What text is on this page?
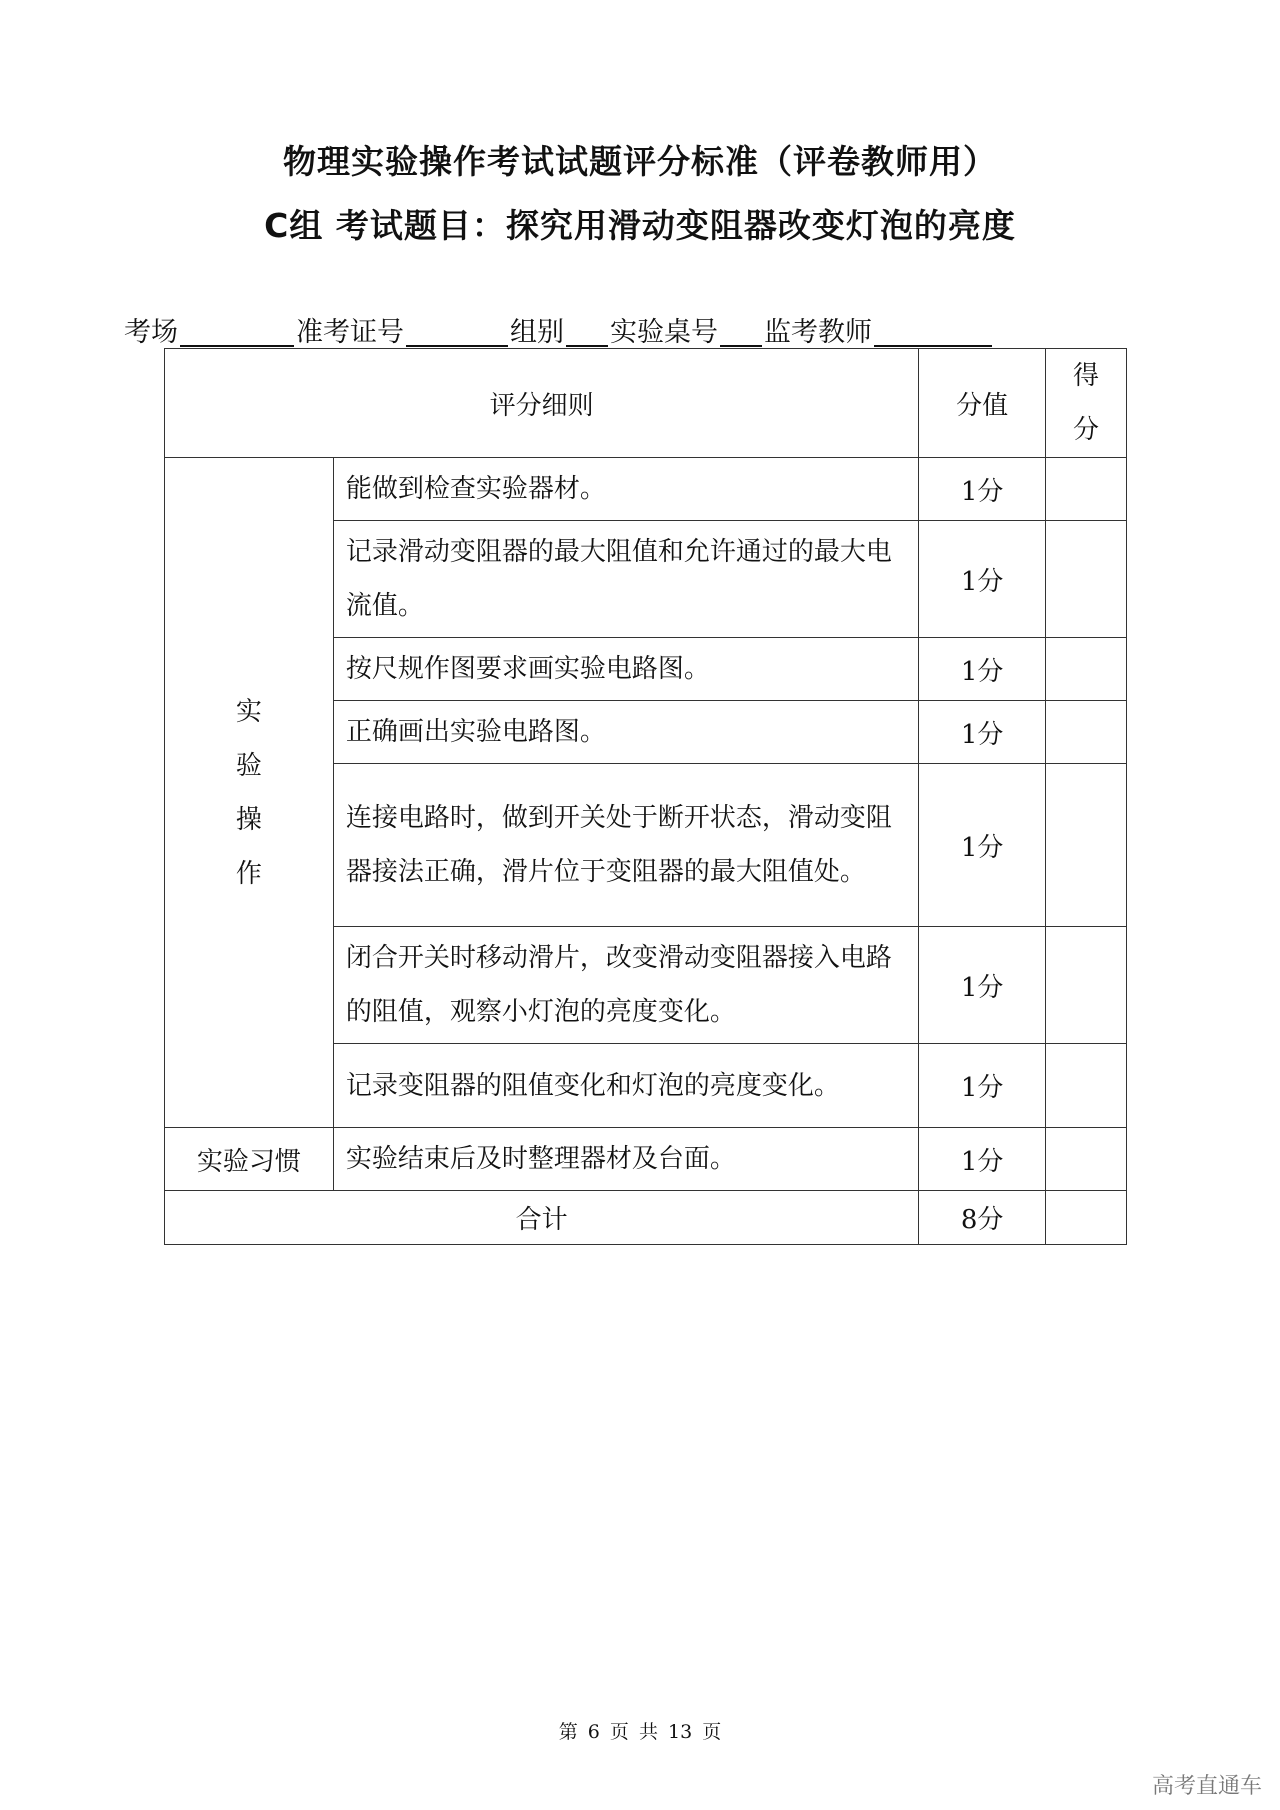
物理实验操作考试试题评分标准（评卷教师用）
C组 考试题目：探究用滑动变阻器改变灯泡的亮度
考场	准考证号	组别 实验桌号 监考教师
评分细则		分值	得分
实验操作	能做到检查实验器材。	1分	
	记录滑动变阻器的最大阻值和允许通过的最大电流值。	1分	
	按尺规作图要求画实验电路图。	1分	
	正确画出实验电路图。	1分	
	连接电路时，做到开关处于断开状态，滑动变阻器接法正确，滑片位于变阻器的最大阻值处。	1分	
	闭合开关时移动滑片，改变滑动变阻器接入电路的阻值，观察小灯泡的亮度变化。	1分	
	记录变阻器的阻值变化和灯泡的亮度变化。	1分	
实验习惯	实验结束后及时整理器材及台面。	1分	
合计		8分	
第 6 页 共 13 页
高考直通车
